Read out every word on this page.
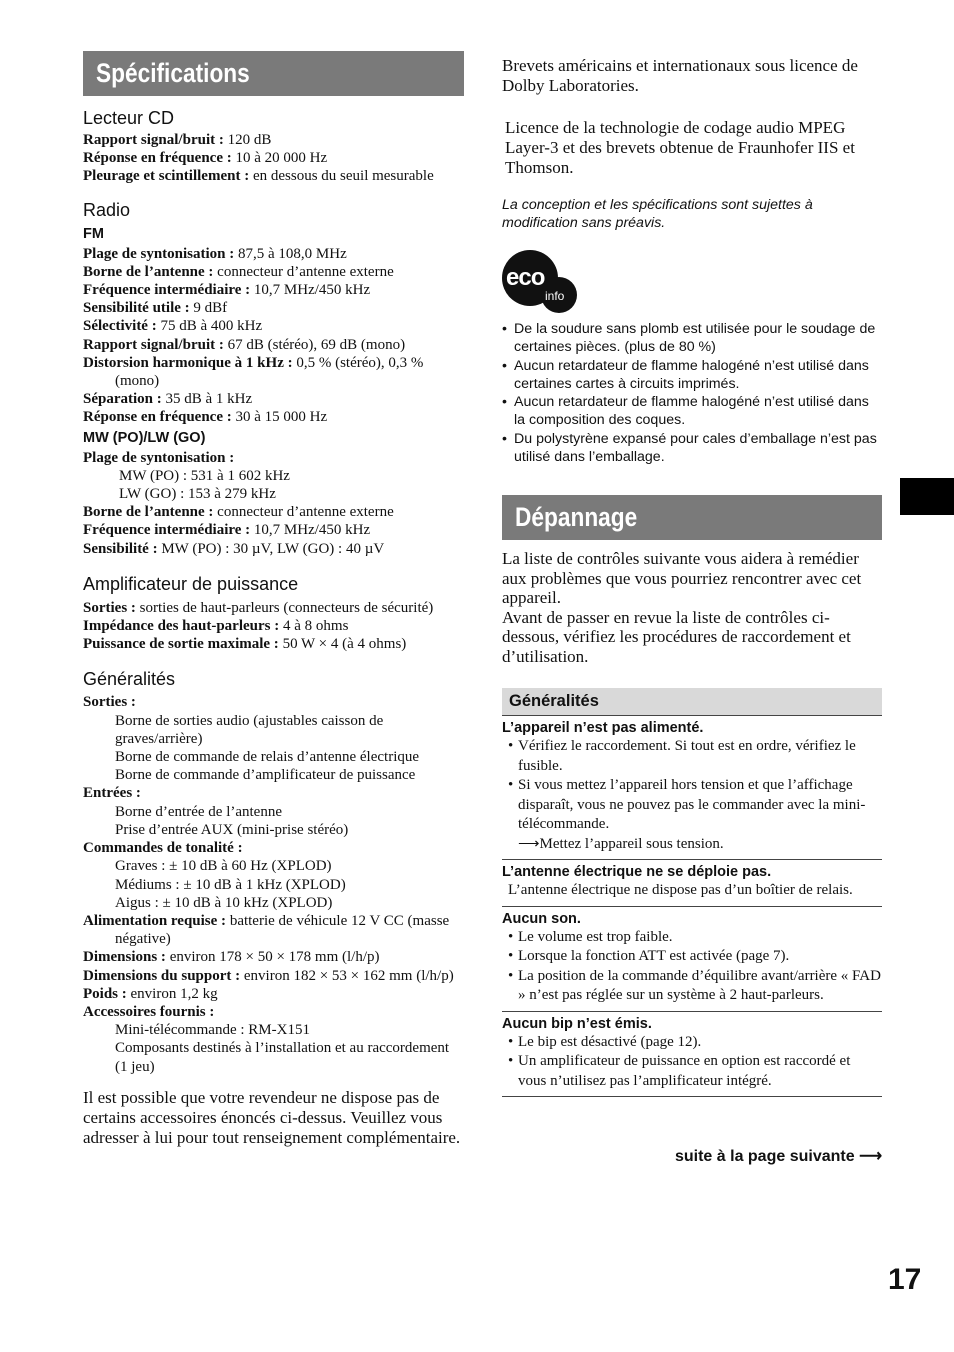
Spécifications
Lecteur CD
Rapport signal/bruit : 120 dB
Réponse en fréquence : 10 à 20 000 Hz
Pleurage et scintillement : en dessous du seuil mesurable
Radio
FM
Plage de syntonisation : 87,5 à 108,0 MHz
Borne de l’antenne : connecteur d’antenne externe
Fréquence intermédiaire : 10,7 MHz/450 kHz
Sensibilité utile : 9 dBf
Sélectivité : 75 dB à 400 kHz
Rapport signal/bruit : 67 dB (stéréo), 69 dB (mono)
Distorsion harmonique à 1 kHz : 0,5 % (stéréo), 0,3 % (mono)
Séparation : 35 dB à 1 kHz
Réponse en fréquence : 30 à 15 000 Hz
MW (PO)/LW (GO)
Plage de syntonisation :
MW (PO) : 531 à 1 602 kHz
LW (GO) : 153 à 279 kHz
Borne de l’antenne : connecteur d’antenne externe
Fréquence intermédiaire : 10,7 MHz/450 kHz
Sensibilité : MW (PO) : 30 µV, LW (GO) : 40 µV
Amplificateur de puissance
Sorties : sorties de haut-parleurs (connecteurs de sécurité)
Impédance des haut-parleurs : 4 à 8 ohms
Puissance de sortie maximale : 50 W × 4 (à 4 ohms)
Généralités
Sorties :
Borne de sorties audio (ajustables caisson de graves/arrière)
Borne de commande de relais d’antenne électrique
Borne de commande d’amplificateur de puissance
Entrées :
Borne d’entrée de l’antenne
Prise d’entrée AUX (mini-prise stéréo)
Commandes de tonalité :
Graves : ± 10 dB à 60 Hz (XPLOD)
Médiums : ± 10 dB à 1 kHz (XPLOD)
Aigus : ± 10 dB à 10 kHz (XPLOD)
Alimentation requise : batterie de véhicule 12 V CC (masse négative)
Dimensions : environ 178 × 50 × 178 mm (l/h/p)
Dimensions du support : environ 182 × 53 × 162 mm (l/h/p)
Poids : environ 1,2 kg
Accessoires fournis :
Mini-télécommande : RM-X151
Composants destinés à l’installation et au raccordement (1 jeu)
Il est possible que votre revendeur ne dispose pas de certains accessoires énoncés ci-dessus. Veuillez vous adresser à lui pour tout renseignement complémentaire.
Brevets américains et internationaux sous licence de Dolby Laboratories.
Licence de la technologie de codage audio MPEG Layer-3 et des brevets obtenue de Fraunhofer IIS et Thomson.
La conception et les spécifications sont sujettes à modification sans préavis.
eco
info
• De la soudure sans plomb est utilisée pour le soudage de certaines pièces. (plus de 80 %)
• Aucun retardateur de flamme halogéné n’est utilisé dans certaines cartes à circuits imprimés.
• Aucun retardateur de flamme halogéné n’est utilisé dans la composition des coques.
• Du polystyrène expansé pour cales d’emballage n’est pas utilisé dans l’emballage.
Dépannage
La liste de contrôles suivante vous aidera à remédier aux problèmes que vous pourriez rencontrer avec cet appareil.
Avant de passer en revue la liste de contrôles ci-dessous, vérifiez les procédures de raccordement et d’utilisation.
Généralités
L’appareil n’est pas alimenté.
• Vérifiez le raccordement. Si tout est en ordre, vérifiez le fusible.
• Si vous mettez l’appareil hors tension et que l’affichage disparaît, vous ne pouvez pas le commander avec la mini-télécommande.
⟶Mettez l’appareil sous tension.
L’antenne électrique ne se déploie pas.
L’antenne électrique ne dispose pas d’un boîtier de relais.
Aucun son.
• Le volume est trop faible.
• Lorsque la fonction ATT est activée (page 7).
• La position de la commande d’équilibre avant/arrière « FAD » n’est pas réglée sur un système à 2 haut-parleurs.
Aucun bip n’est émis.
• Le bip est désactivé (page 12).
• Un amplificateur de puissance en option est raccordé et vous n’utilisez pas l’amplificateur intégré.
suite à la page suivante ⟶
17
